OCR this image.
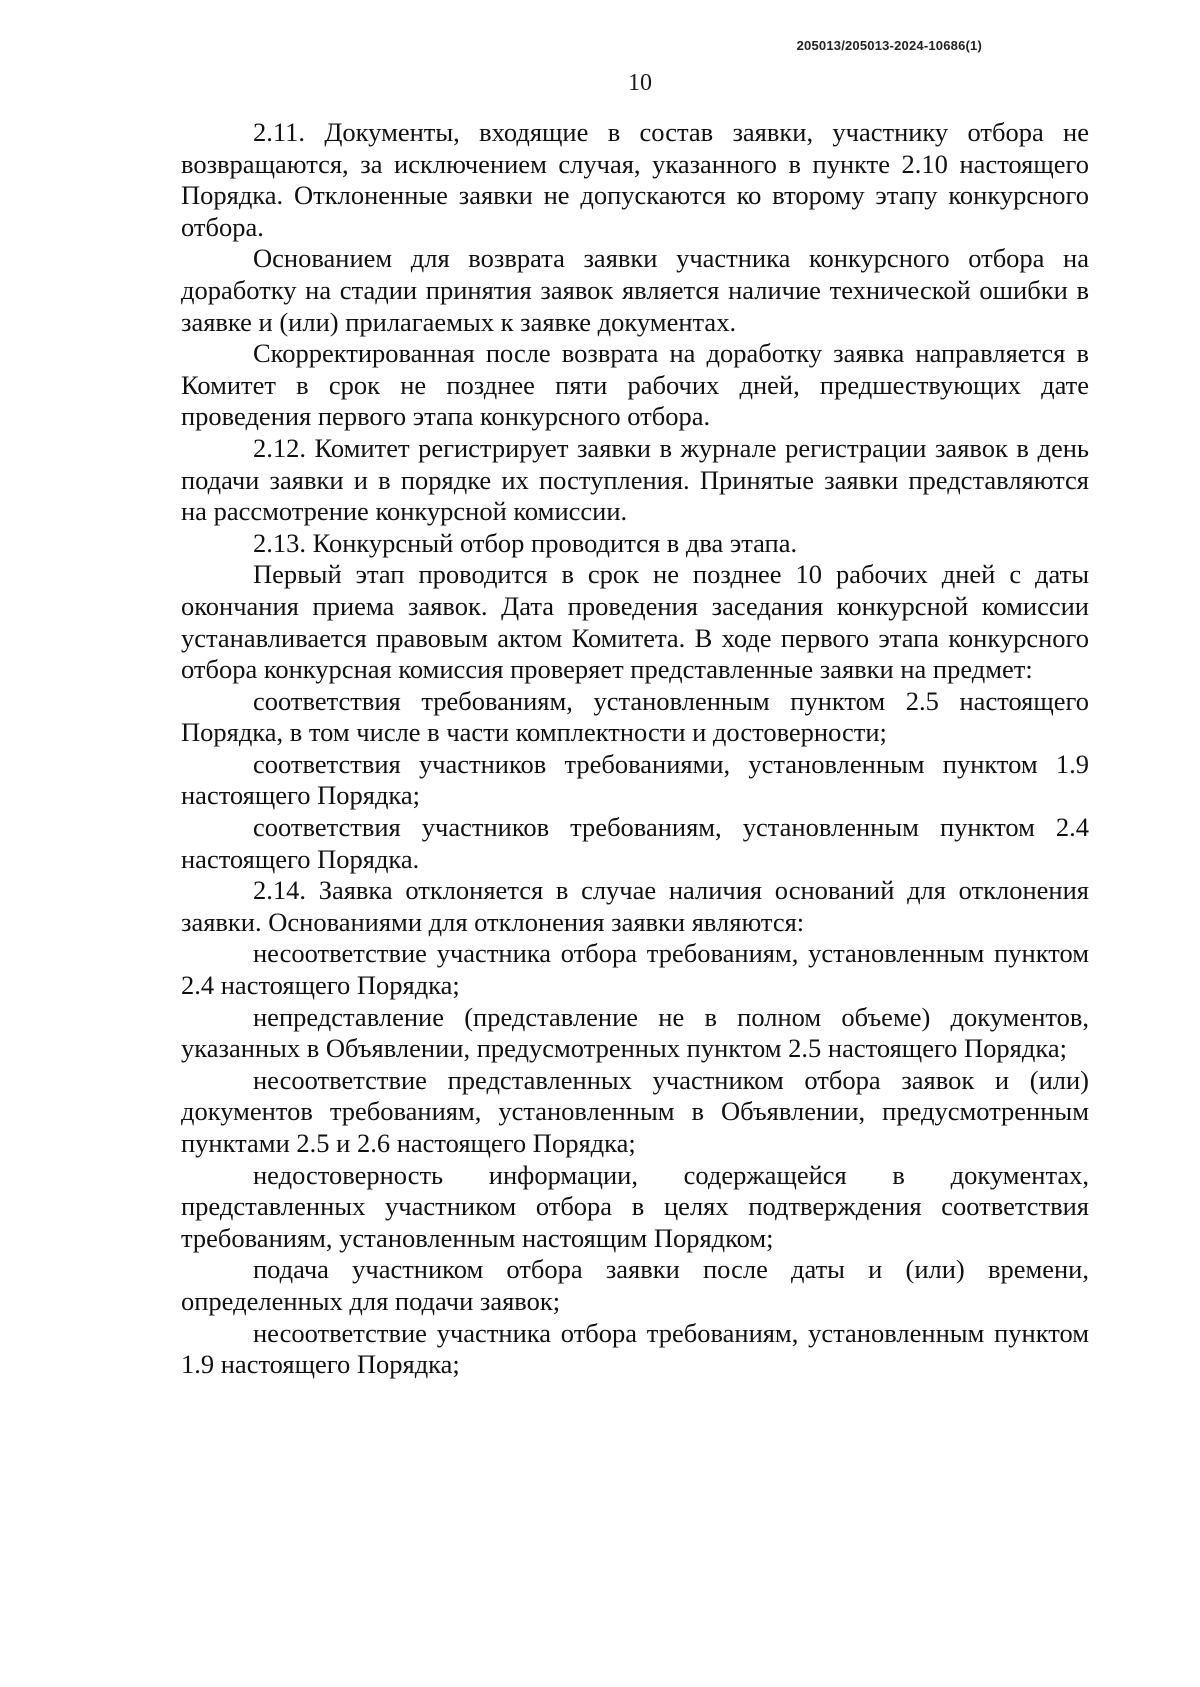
205013/205013-2024-10686(1)
10

2.11. Документы, входящие в состав заявки, участнику отбора не возвращаются, за исключением случая, указанного в пункте 2.10 настоящего Порядка. Отклоненные заявки не допускаются ко второму этапу конкурсного отбора.

Основанием для возврата заявки участника конкурсного отбора на доработку на стадии принятия заявок является наличие технической ошибки в заявке и (или) прилагаемых к заявке документах.

Скорректированная после возврата на доработку заявка направляется в Комитет в срок не позднее пяти рабочих дней, предшествующих дате проведения первого этапа конкурсного отбора.

2.12. Комитет регистрирует заявки в журнале регистрации заявок в день подачи заявки и в порядке их поступления. Принятые заявки представляются на рассмотрение конкурсной комиссии.

2.13. Конкурсный отбор проводится в два этапа.

Первый этап проводится в срок не позднее 10 рабочих дней с даты окончания приема заявок. Дата проведения заседания конкурсной комиссии устанавливается правовым актом Комитета. В ходе первого этапа конкурсного отбора конкурсная комиссия проверяет представленные заявки на предмет:

соответствия требованиям, установленным пунктом 2.5 настоящего Порядка, в том числе в части комплектности и достоверности;

соответствия участников требованиями, установленным пунктом 1.9 настоящего Порядка;

соответствия участников требованиям, установленным пунктом 2.4 настоящего Порядка.

2.14. Заявка отклоняется в случае наличия оснований для отклонения заявки. Основаниями для отклонения заявки являются:

несоответствие участника отбора требованиям, установленным пунктом 2.4 настоящего Порядка;

непредставление (представление не в полном объеме) документов, указанных в Объявлении, предусмотренных пунктом 2.5 настоящего Порядка;

несоответствие представленных участником отбора заявок и (или) документов требованиям, установленным в Объявлении, предусмотренным пунктами 2.5 и 2.6 настоящего Порядка;

недостоверность информации, содержащейся в документах, представленных участником отбора в целях подтверждения соответствия требованиям, установленным настоящим Порядком;

подача участником отбора заявки после даты и (или) времени, определенных для подачи заявок;

несоответствие участника отбора требованиям, установленным пунктом 1.9 настоящего Порядка;
